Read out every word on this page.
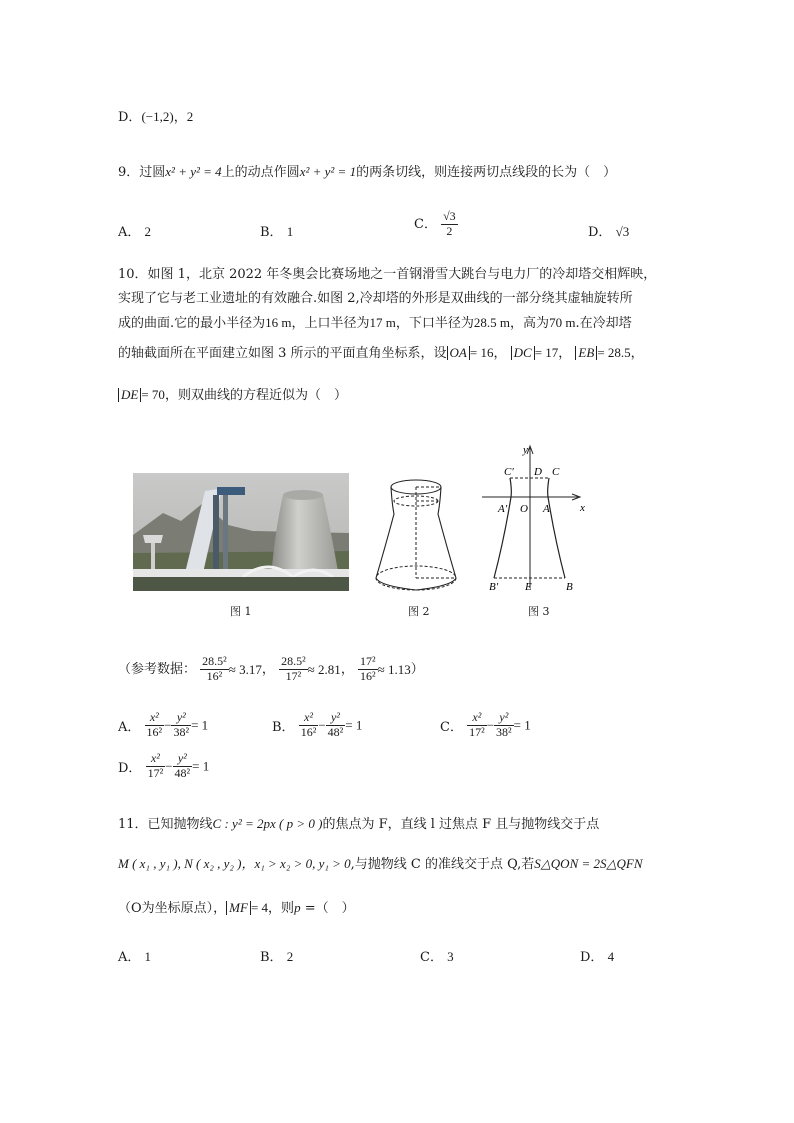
D．(−1,2)，2
9．过圆x² + y² = 4上的动点作圆x² + y² = 1的两条切线，则连接两切点线段的长为（　）
A． 2	B． 1	C． $\frac{√3}{2}$	D． √3
10．如图 1，北京 2022 年冬奥会比赛场地之一首钢滑雪大跳台与电力厂的冷却塔交相辉映，
实现了它与老工业遗址的有效融合.如图 2,冷却塔的外形是双曲线的一部分绕其虚轴旋转所
成的曲面.它的最小半径为16 m，上口半径为17 m，下口半径为28.5 m，高为70 m.在冷却塔
的轴截面所在平面建立如图 3 所示的平面直角坐标系，设 OA = 16， DC = 17， EB = 28.5，
DE = 70，则双曲线的方程近似为（　）
y
x
C′ D C
A′ O A
B′ E	B
图 1	图 2	图 3
（参考数据： $\frac{\text{28.5²}}{\text{16²}} \approx 3.17$， $\frac{\text{28.5²}}{\text{17²}} \approx 2.81$， $\frac{\text{17²}}{\text{16²}} \approx 1.13$）
A． $\frac{\text{x²}}{\text{16²}} - \frac{\text{y²}}{\text{38²}} = 1$	B． $\frac{\text{x²}}{\text{16²}} - \frac{\text{y²}}{\text{48²}} = 1$	C． $\frac{\text{x²}}{\text{17²}} - \frac{\text{y²}}{\text{38²}} = 1$
D． $\frac{\text{x²}}{\text{17²}} - \frac{\text{y²}}{\text{48²}} = 1$
11．已知抛物线C : y² = 2px ( p > 0 )的焦点为 F，直线 l 过焦点 F 且与抛物线交于点
M ( x₁ , y₁ ), N ( x₂ , y₂ )，x₁ > x₂ > 0, y₁ > 0,与抛物线 C 的准线交于点 Q,若S△QON = 2S△QFN
（O为坐标原点）， MF = 4，则p =（　）
A． 1	B． 2	C． 3	D． 4
